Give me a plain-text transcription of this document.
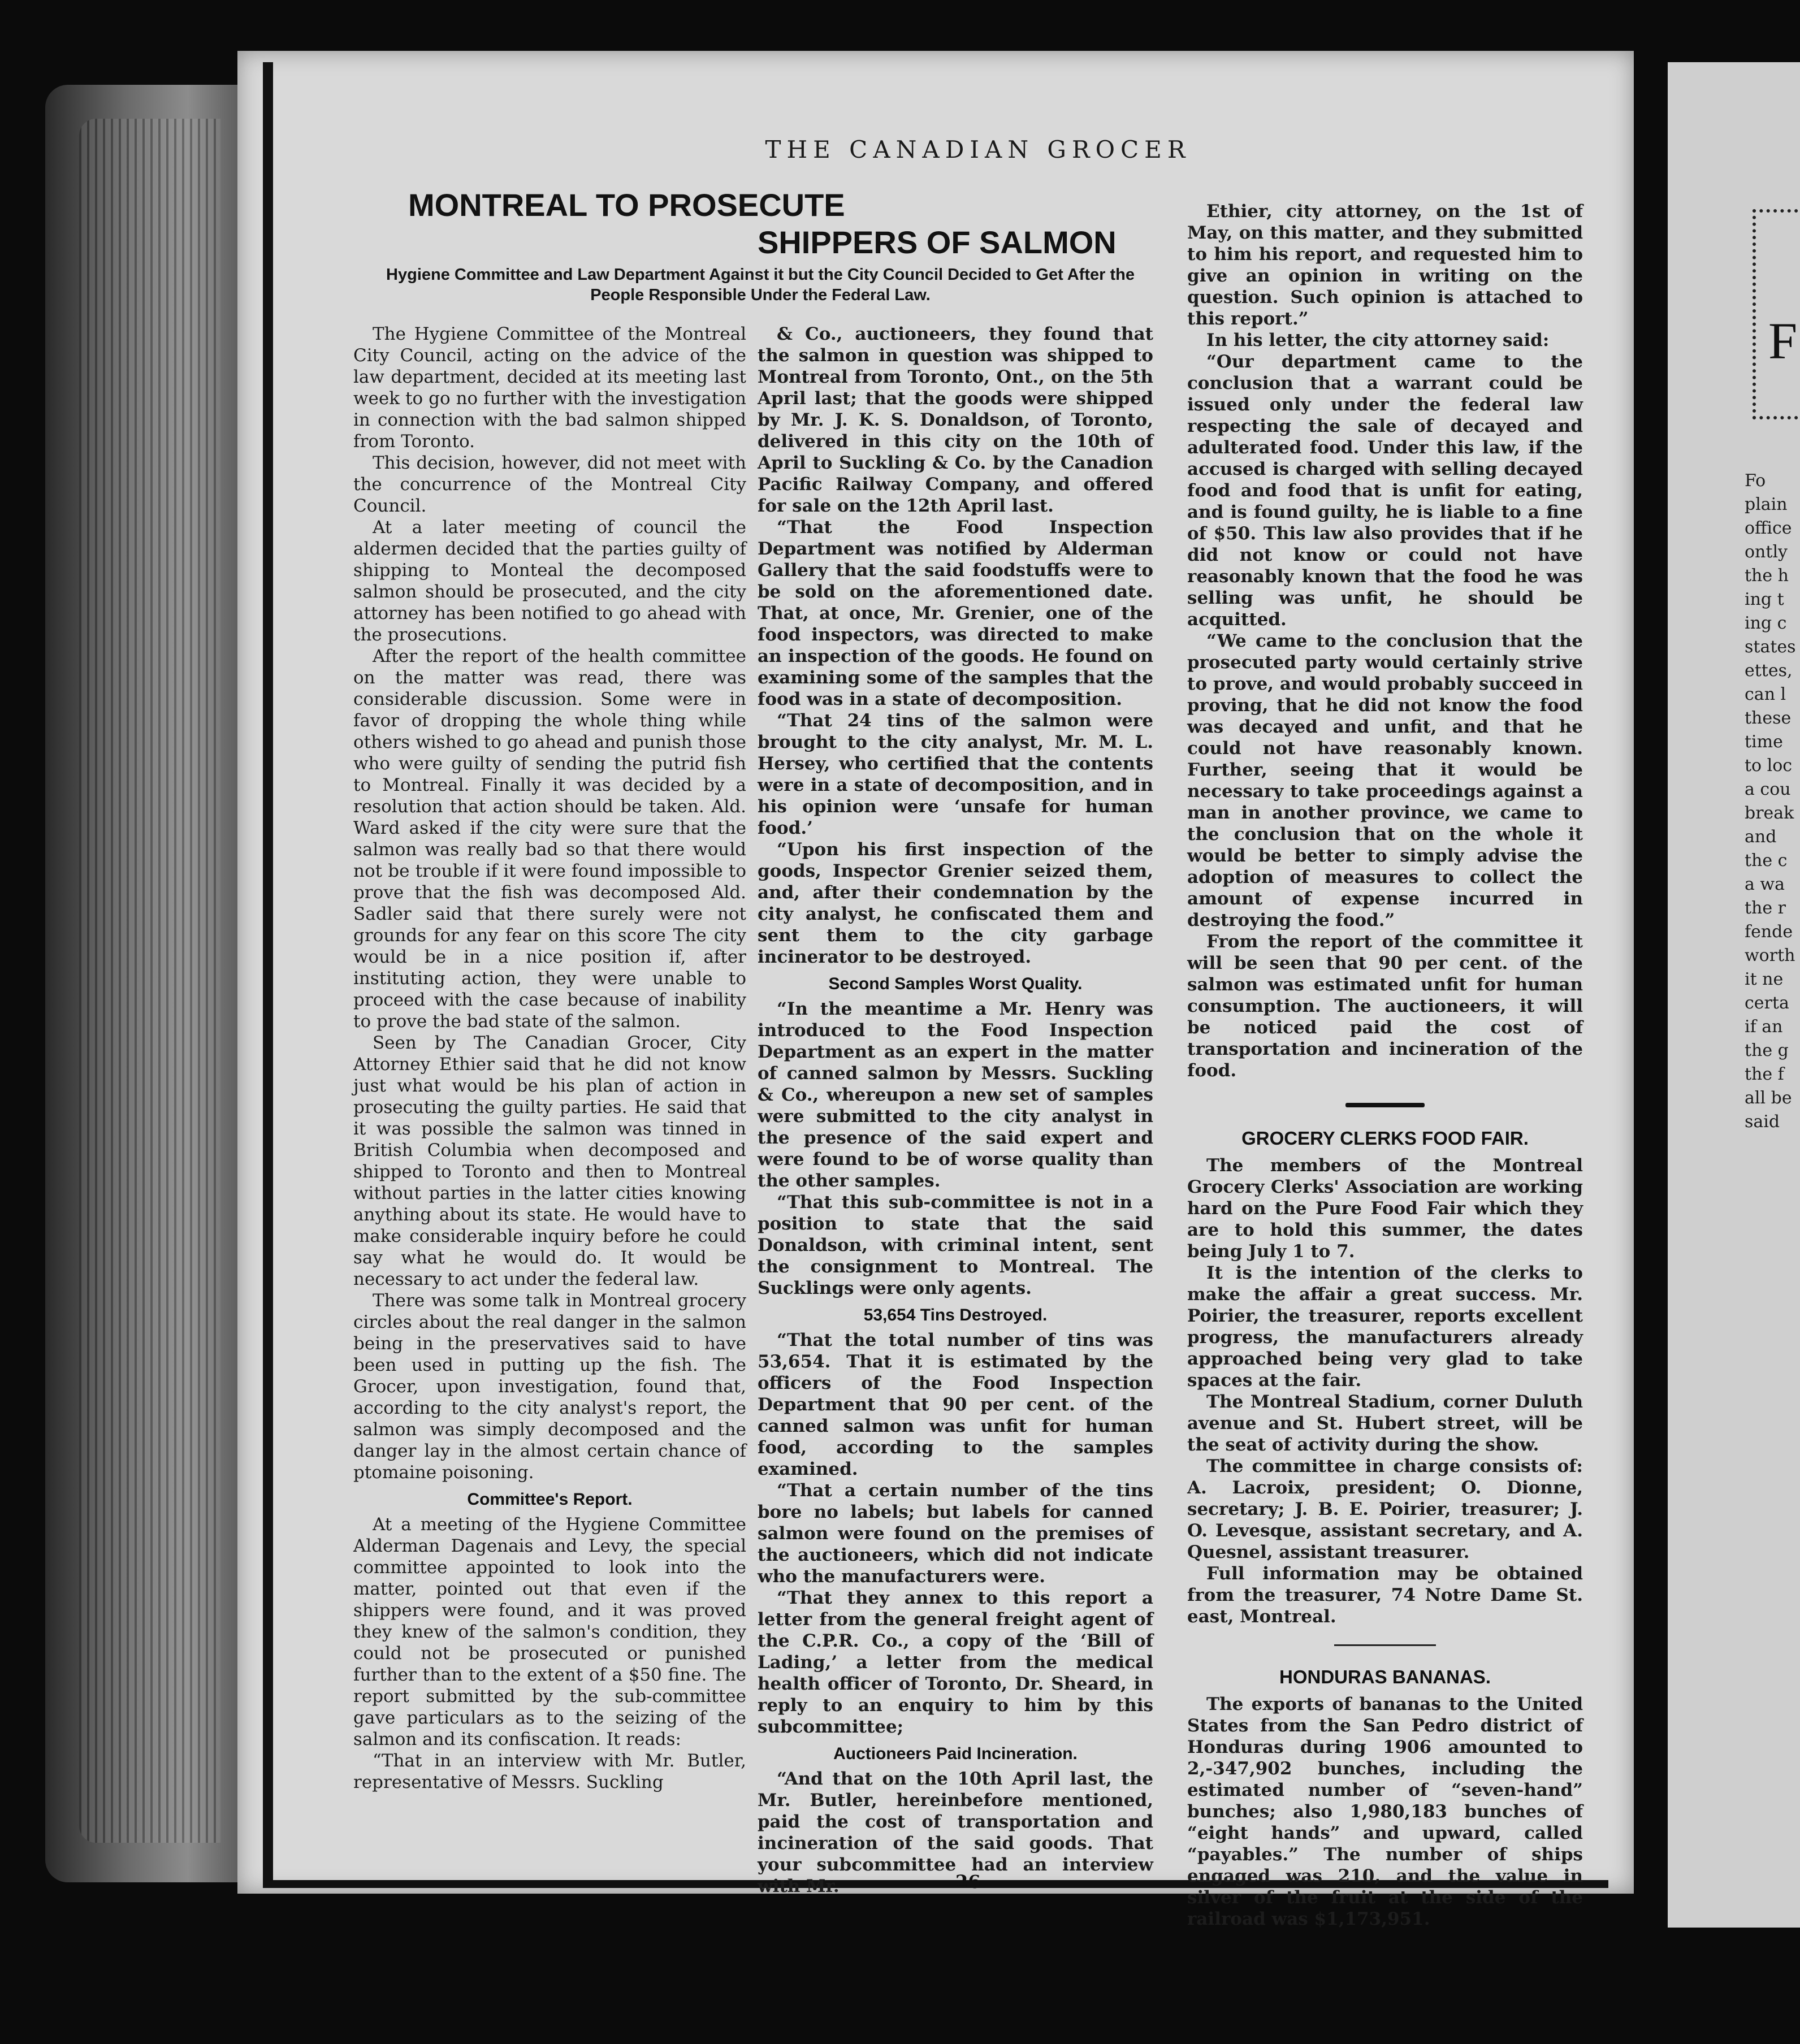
THE CANADIAN GROCER
MONTREAL TO PROSECUTE
SHIPPERS OF SALMON
Hygiene Committee and Law Department Against it but the City Council Decided to Get After the People Responsible Under the Federal Law.

The Hygiene Committee of the Montreal City Council, acting on the advice of the law department, decided at its meeting last week to go no further with the investigation in connection with the bad salmon shipped from Toronto.

This decision, however, did not meet with the concurrence of the Montreal City Council.

At a later meeting of council the aldermen decided that the parties guilty of shipping to Monteal the decomposed salmon should be prosecuted, and the city attorney has been notified to go ahead with the prosecutions.

After the report of the health committee on the matter was read, there was considerable discussion. Some were in favor of dropping the whole thing while others wished to go ahead and punish those who were guilty of sending the putrid fish to Montreal. Finally it was decided by a resolution that action should be taken. Ald. Ward asked if the city were sure that the salmon was really bad so that there would not be trouble if it were found impossible to prove that the fish was decomposed Ald. Sadler said that there surely were not grounds for any fear on this score The city would be in a nice position if, after instituting action, they were unable to proceed with the case because of inability to prove the bad state of the salmon.

Seen by The Canadian Grocer, City Attorney Ethier said that he did not know just what would be his plan of action in prosecuting the guilty parties. He said that it was possible the salmon was tinned in British Columbia when decomposed and shipped to Toronto and then to Montreal without parties in the latter cities knowing anything about its state. He would have to make considerable inquiry before he could say what he would do. It would be necessary to act under the federal law.

There was some talk in Montreal grocery circles about the real danger in the salmon being in the preservatives said to have been used in putting up the fish. The Grocer, upon investigation, found that, according to the city analyst's report, the salmon was simply decomposed and the danger lay in the almost certain chance of ptomaine poisoning.

Committee's Report.

At a meeting of the Hygiene Committee Alderman Dagenais and Levy, the special committee appointed to look into the matter, pointed out that even if the shippers were found, and it was proved they knew of the salmon's condition, they could not be prosecuted or punished further than to the extent of a $50 fine. The report submitted by the sub-committee gave particulars as to the seizing of the salmon and its confiscation. It reads:

“That in an interview with Mr. Butler, representative of Messrs. Suckling

& Co., auctioneers, they found that the salmon in question was shipped to Montreal from Toronto, Ont., on the 5th April last; that the goods were shipped by Mr. J. K. S. Donaldson, of Toronto, delivered in this city on the 10th of April to Suckling & Co. by the Canadion Pacific Railway Company, and offered for sale on the 12th April last.

“That the Food Inspection Department was notified by Alderman Gallery that the said foodstuffs were to be sold on the aforementioned date. That, at once, Mr. Grenier, one of the food inspectors, was directed to make an inspection of the goods. He found on examining some of the samples that the food was in a state of decomposition.

“That 24 tins of the salmon were brought to the city analyst, Mr. M. L. Hersey, who certified that the contents were in a state of decomposition, and in his opinion were ‘unsafe for human food.’

“Upon his first inspection of the goods, Inspector Grenier seized them, and, after their condemnation by the city analyst, he confiscated them and sent them to the city garbage incinerator to be destroyed.

Second Samples Worst Quality.

“In the meantime a Mr. Henry was introduced to the Food Inspection Department as an expert in the matter of canned salmon by Messrs. Suckling & Co., whereupon a new set of samples were submitted to the city analyst in the presence of the said expert and were found to be of worse quality than the other samples.

“That this sub-committee is not in a position to state that the said Donaldson, with criminal intent, sent the consignment to Montreal. The Sucklings were only agents.

53,654 Tins Destroyed.

“That the total number of tins was 53,654. That it is estimated by the officers of the Food Inspection Department that 90 per cent. of the canned salmon was unfit for human food, according to the samples examined.

“That a certain number of the tins bore no labels; but labels for canned salmon were found on the premises of the auctioneers, which did not indicate who the manufacturers were.

“That they annex to this report a letter from the general freight agent of the C.P.R. Co., a copy of the ‘Bill of Lading,’ a letter from the medical health officer of Toronto, Dr. Sheard, in reply to an enquiry to him by this subcommittee;

Auctioneers Paid Incineration.

“And that on the 10th April last, the Mr. Butler, hereinbefore mentioned, paid the cost of transportation and incineration of the said goods. That your subcommittee had an interview with Mr.

Ethier, city attorney, on the 1st of May, on this matter, and they submitted to him his report, and requested him to give an opinion in writing on the question. Such opinion is attached to this report.”

In his letter, the city attorney said:

“Our department came to the conclusion that a warrant could be issued only under the federal law respecting the sale of decayed and adulterated food. Under this law, if the accused is charged with selling decayed food and food that is unfit for eating, and is found guilty, he is liable to a fine of $50. This law also provides that if he did not know or could not have reasonably known that the food he was selling was unfit, he should be acquitted.

“We came to the conclusion that the prosecuted party would certainly strive to prove, and would probably succeed in proving, that he did not know the food was decayed and unfit, and that he could not have reasonably known. Further, seeing that it would be necessary to take proceedings against a man in another province, we came to the conclusion that on the whole it would be better to simply advise the adoption of measures to collect the amount of expense incurred in destroying the food.”

From the report of the committee it will be seen that 90 per cent. of the salmon was estimated unfit for human consumption. The auctioneers, it will be noticed paid the cost of transportation and incineration of the food.

GROCERY CLERKS FOOD FAIR.

The members of the Montreal Grocery Clerks' Association are working hard on the Pure Food Fair which they are to hold this summer, the dates being July 1 to 7.

It is the intention of the clerks to make the affair a great success. Mr. Poirier, the treasurer, reports excellent progress, the manufacturers already approached being very glad to take spaces at the fair.

The Montreal Stadium, corner Duluth avenue and St. Hubert street, will be the seat of activity during the show.

The committee in charge consists of: A. Lacroix, president; O. Dionne, secretary; J. B. E. Poirier, treasurer; J. O. Levesque, assistant secretary, and A. Quesnel, assistant treasurer.

Full information may be obtained from the treasurer, 74 Notre Dame St. east, Montreal.

HONDURAS BANANAS.

The exports of bananas to the United States from the San Pedro district of Honduras during 1906 amounted to 2,-347,902 bunches, including the estimated number of “seven-hand” bunches; also 1,980,183 bunches of “eight hands” and upward, called “payables.” The number of ships engaged was 210, and the value in silver of the fruit at the side of the railroad was $1,173,951.

26
F
Fo
plain
office
ontly
the h
ing t
ing c
states
ettes,
can l
these
time
to loc
a cou
break
and
the c
a wa
the r
fende
worth
it ne
certa
if an
the g
the f
all be
said
